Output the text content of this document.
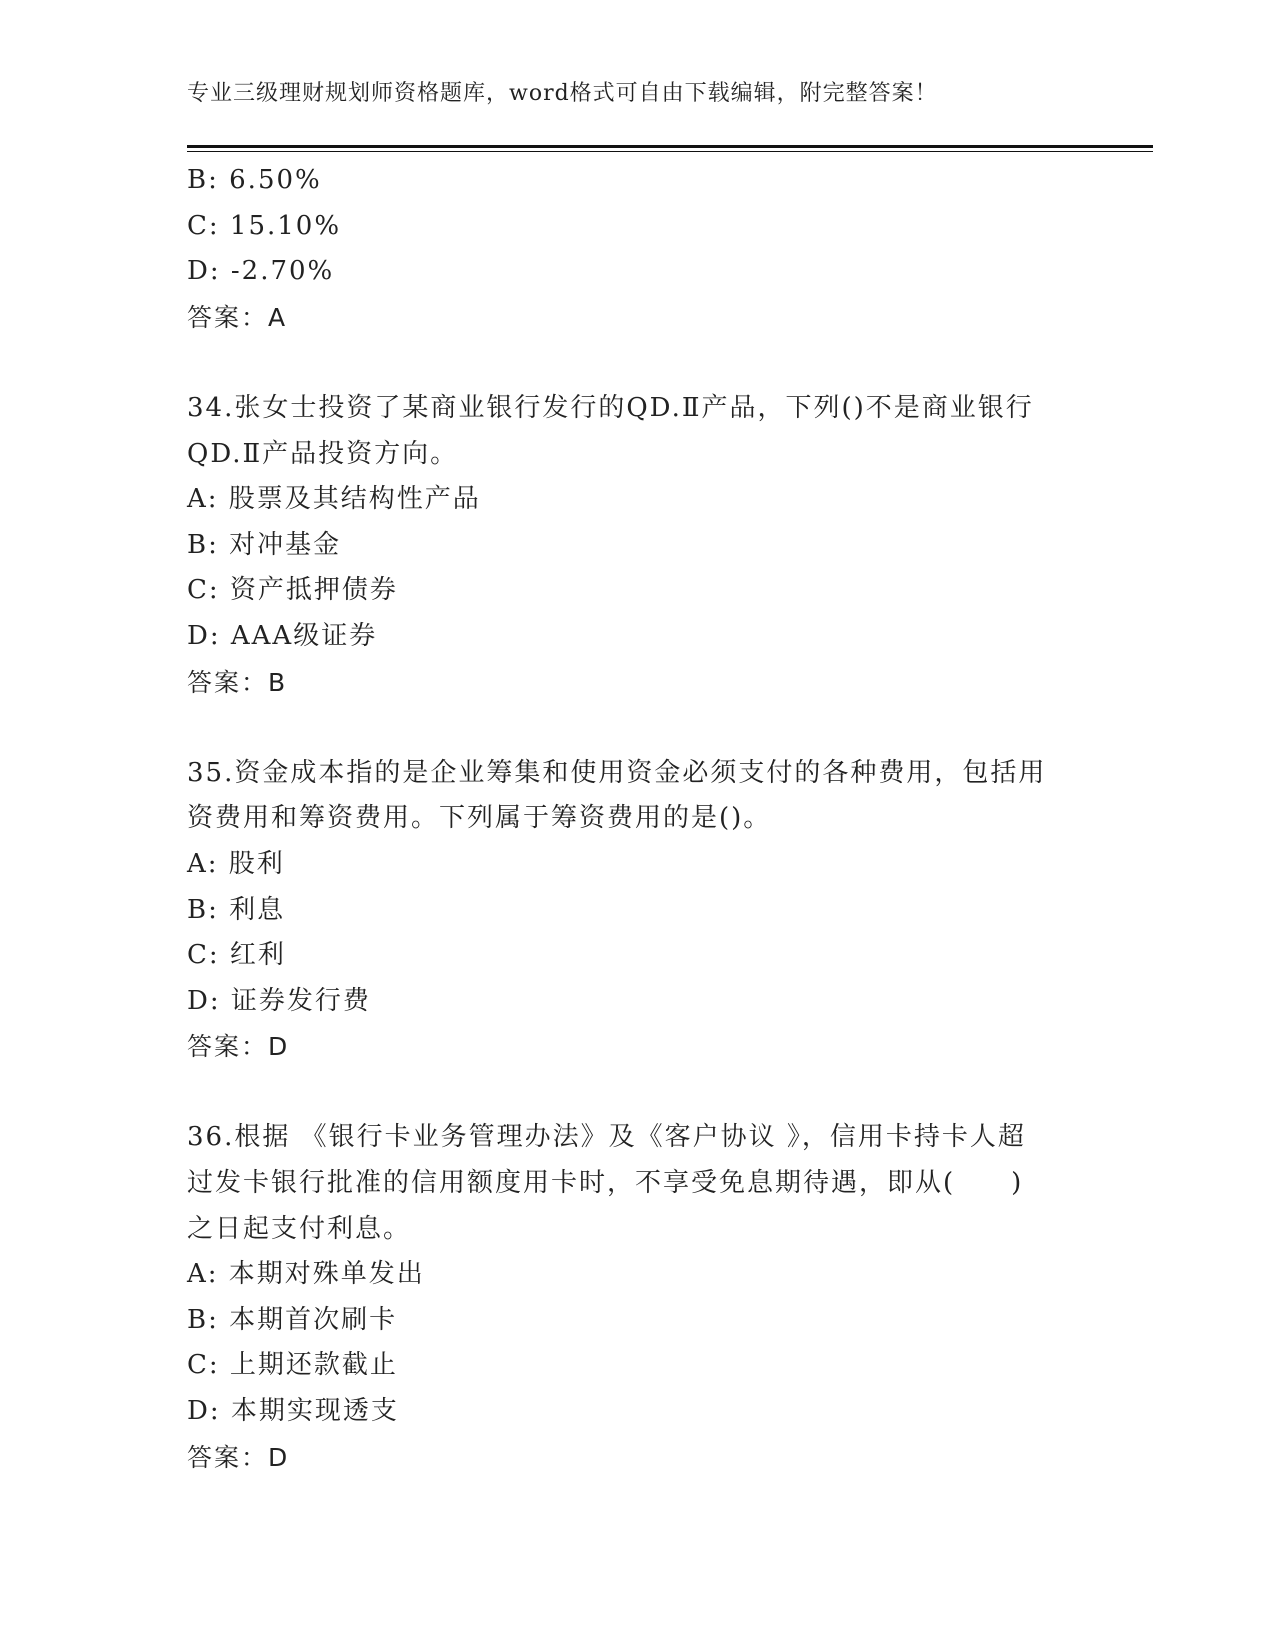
专业三级理财规划师资格题库，word格式可自由下载编辑，附完整答案！
B: 6.50%
C: 15.10%
D: -2.70%
答案：A
34.张女士投资了某商业银行发行的QD.Ⅱ产品，下列()不是商业银行
QD.Ⅱ产品投资方向。
A: 股票及其结构性产品
B: 对冲基金
C: 资产抵押债券
D: AAA级证券
答案：B
35.资金成本指的是企业筹集和使用资金必须支付的各种费用，包括用
资费用和筹资费用。下列属于筹资费用的是()。
A: 股利
B: 利息
C: 红利
D: 证券发行费
答案：D
36.根据 《银行卡业务管理办法》及《客户协议 》，信用卡持卡人超
过发卡银行批准的信用额度用卡时，不享受免息期待遇，即从(　　)
之日起支付利息。
A: 本期对殊单发出
B: 本期首次刷卡
C: 上期还款截止
D: 本期实现透支
答案：D
